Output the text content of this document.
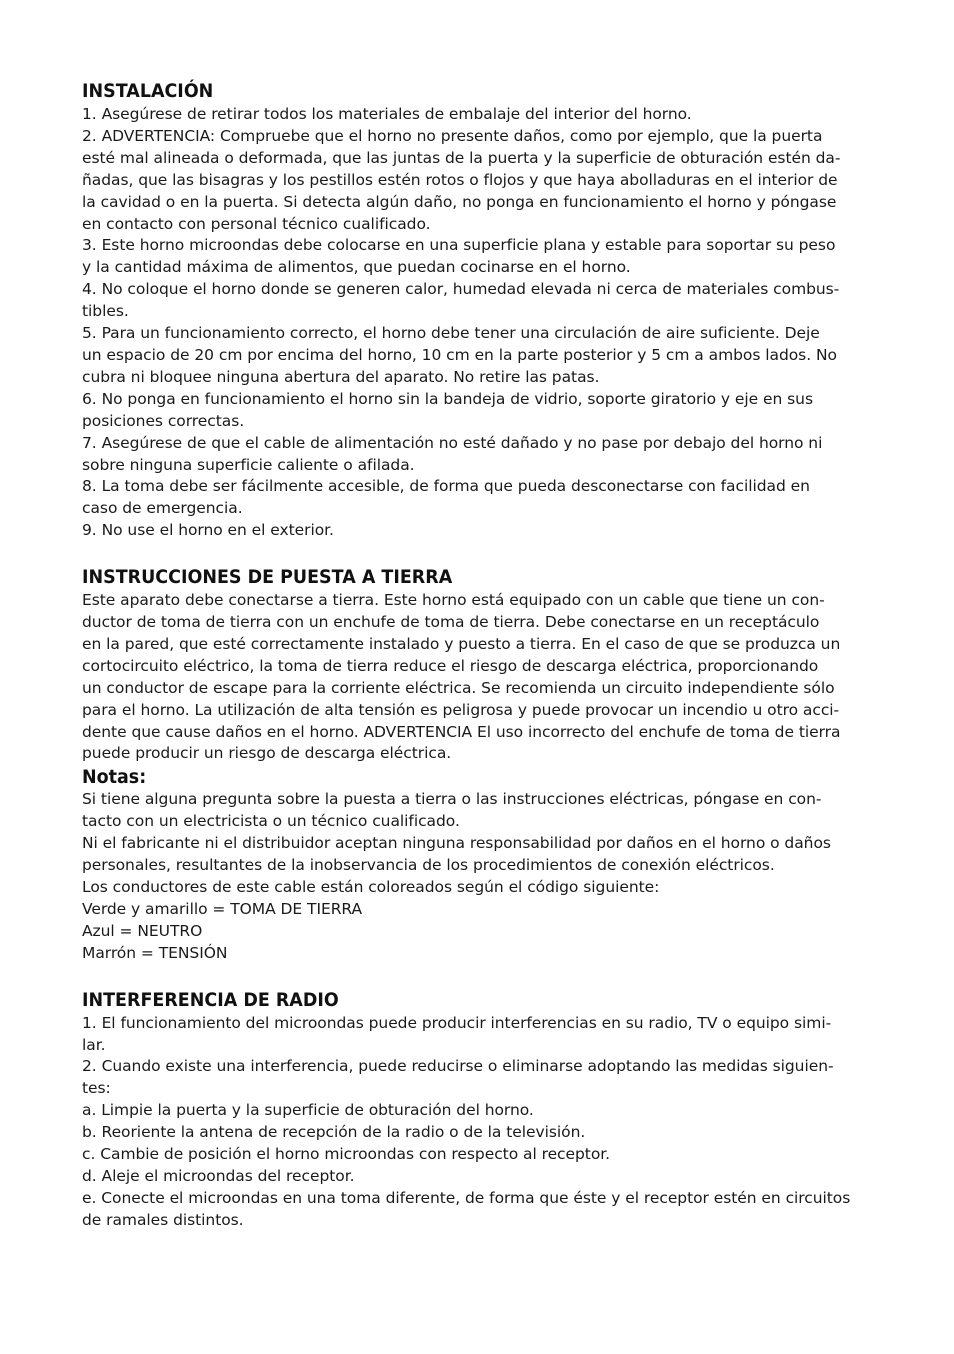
INSTALACIÓN

1. Asegúrese de retirar todos los materiales de embalaje del interior del horno.

2. ADVERTENCIA: Compruebe que el horno no presente daños, como por ejemplo, que la puerta

esté mal alineada o deformada, que las juntas de la puerta y la superficie de obturación estén da-

ñadas, que las bisagras y los pestillos estén rotos o flojos y que haya abolladuras en el interior de

la cavidad o en la puerta. Si detecta algún daño, no ponga en funcionamiento el horno y póngase

en contacto con personal técnico cualificado.

3. Este horno microondas debe colocarse en una superficie plana y estable para soportar su peso

y la cantidad máxima de alimentos, que puedan cocinarse en el horno.

4. No coloque el horno donde se generen calor, humedad elevada ni cerca de materiales combus-

tibles.

5. Para un funcionamiento correcto, el horno debe tener una circulación de aire suficiente. Deje

un espacio de 20 cm por encima del horno, 10 cm en la parte posterior y 5 cm a ambos lados. No

cubra ni bloquee ninguna abertura del aparato. No retire las patas.

6. No ponga en funcionamiento el horno sin la bandeja de vidrio, soporte giratorio y eje en sus

posiciones correctas.

7. Asegúrese de que el cable de alimentación no esté dañado y no pase por debajo del horno ni

sobre ninguna superficie caliente o afilada.

8. La toma debe ser fácilmente accesible, de forma que pueda desconectarse con facilidad en

caso de emergencia.

9. No use el horno en el exterior.

INSTRUCCIONES DE PUESTA A TIERRA

Este aparato debe conectarse a tierra. Este horno está equipado con un cable que tiene un con-

ductor de toma de tierra con un enchufe de toma de tierra. Debe conectarse en un receptáculo

en la pared, que esté correctamente instalado y puesto a tierra. En el caso de que se produzca un

cortocircuito eléctrico, la toma de tierra reduce el riesgo de descarga eléctrica, proporcionando

un conductor de escape para la corriente eléctrica. Se recomienda un circuito independiente sólo

para el horno. La utilización de alta tensión es peligrosa y puede provocar un incendio u otro acci-

dente que cause daños en el horno. ADVERTENCIA El uso incorrecto del enchufe de toma de tierra

puede producir un riesgo de descarga eléctrica.

Notas:

Si tiene alguna pregunta sobre la puesta a tierra o las instrucciones eléctricas, póngase en con-

tacto con un electricista o un técnico cualificado.

Ni el fabricante ni el distribuidor aceptan ninguna responsabilidad por daños en el horno o daños

personales, resultantes de la inobservancia de los procedimientos de conexión eléctricos.

Los conductores de este cable están coloreados según el código siguiente:

Verde y amarillo = TOMA DE TIERRA

Azul = NEUTRO

Marrón = TENSIÓN

INTERFERENCIA DE RADIO

1. El funcionamiento del microondas puede producir interferencias en su radio, TV o equipo simi-

lar.

2. Cuando existe una interferencia, puede reducirse o eliminarse adoptando las medidas siguien-

tes:

a. Limpie la puerta y la superficie de obturación del horno.

b. Reoriente la antena de recepción de la radio o de la televisión.

c. Cambie de posición el horno microondas con respecto al receptor.

d. Aleje el microondas del receptor.

e. Conecte el microondas en una toma diferente, de forma que éste y el receptor estén en circuitos

de ramales distintos.
